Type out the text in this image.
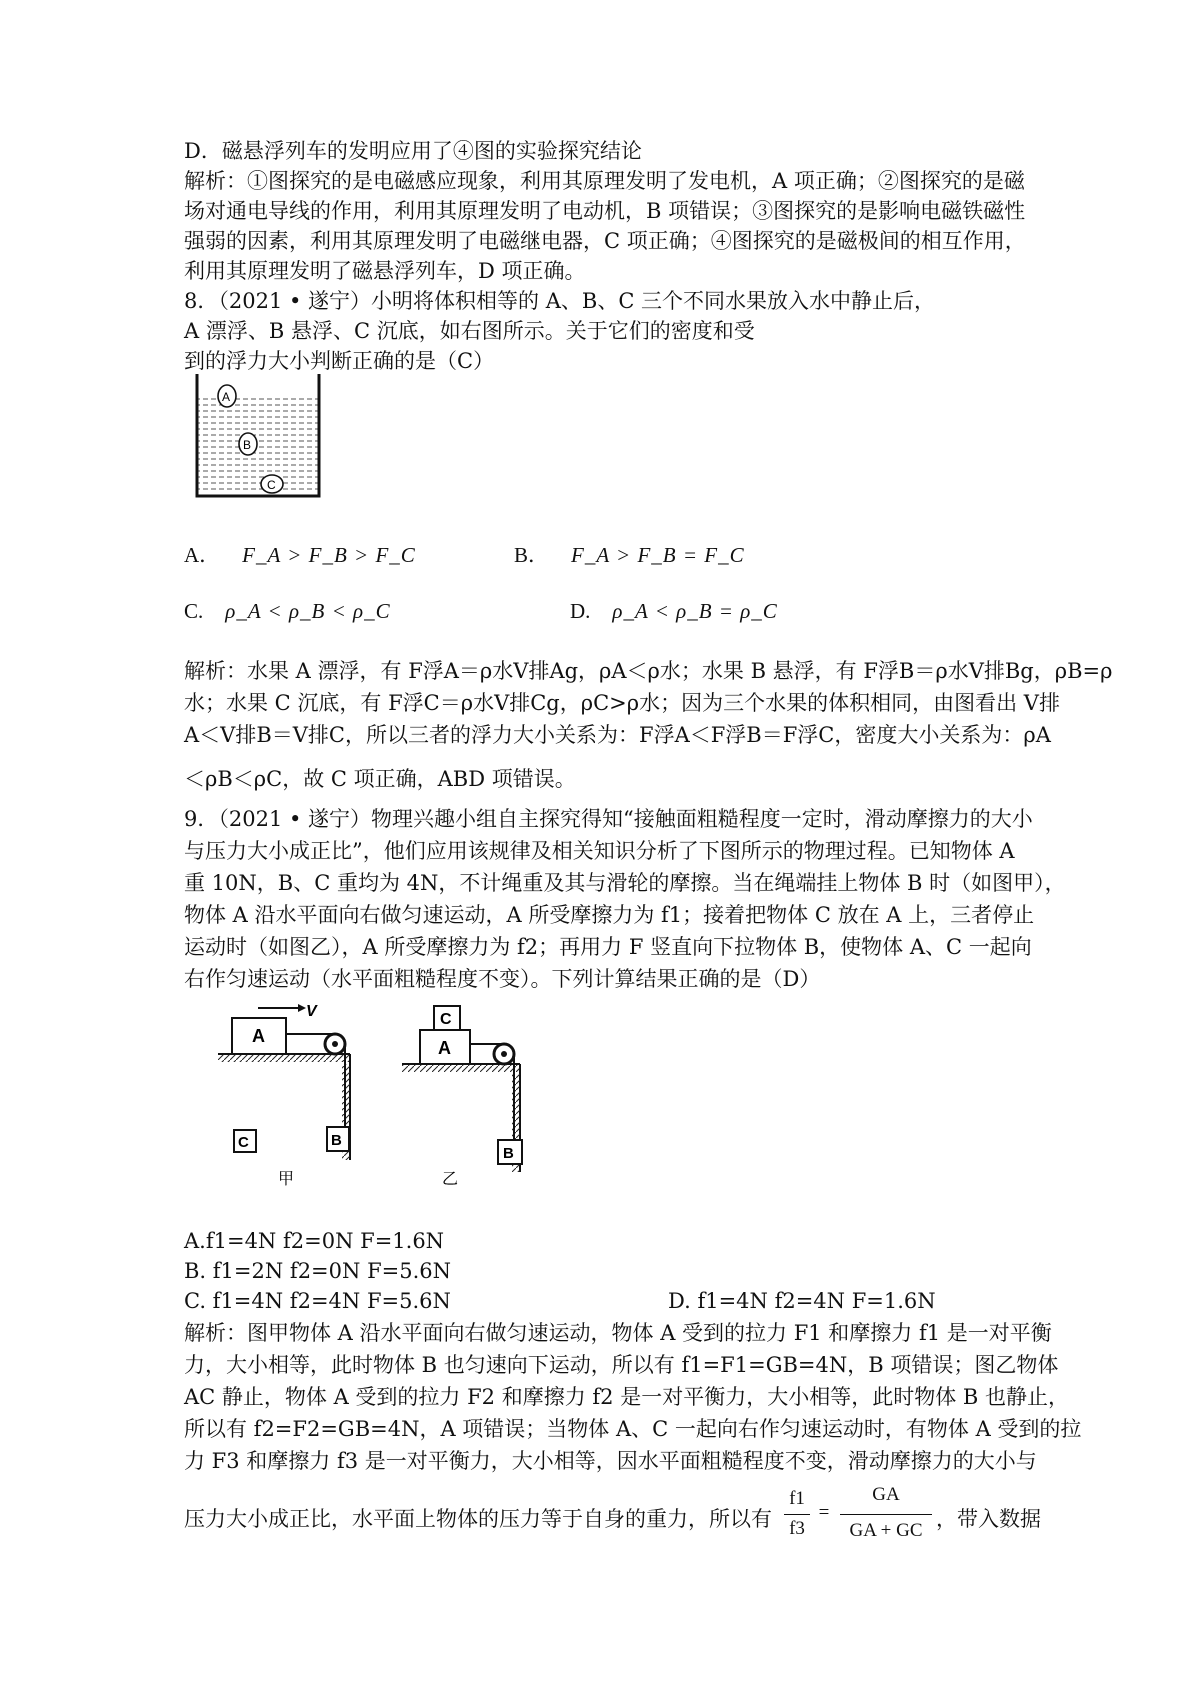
D．磁悬浮列车的发明应用了④图的实验探究结论
解析：①图探究的是电磁感应现象，利用其原理发明了发电机，A 项正确；②图探究的是磁
场对通电导线的作用，利用其原理发明了电动机，B 项错误；③图探究的是影响电磁铁磁性
强弱的因素，利用其原理发明了电磁继电器，C 项正确；④图探究的是磁极间的相互作用，
利用其原理发明了磁悬浮列车，D 项正确。
8．（2021 • 遂宁）小明将体积相等的 A、B、C 三个不同水果放入水中静止后，
A 漂浮、B 悬浮、C 沉底，如右图所示。关于它们的密度和受
到的浮力大小判断正确的是（C）
A
B
C
A． F_A > F_B > F_C	B． F_A > F_B = F_C
C. ρ_A < ρ_B < ρ_C	D. ρ_A < ρ_B = ρ_C
解析：水果 A 漂浮，有 F浮A＝ρ水V排Ag，ρA＜ρ水；水果 B 悬浮，有 F浮B＝ρ水V排Bg，ρB=ρ
水；水果 C 沉底，有 F浮C＝ρ水V排Cg，ρC>ρ水；因为三个水果的体积相同，由图看出 V排
A＜V排B＝V排C，所以三者的浮力大小关系为：F浮A＜F浮B＝F浮C，密度大小关系为：ρA
＜ρB＜ρC，故 C 项正确，ABD 项错误。
9．（2021 • 遂宁）物理兴趣小组自主探究得知“接触面粗糙程度一定时，滑动摩擦力的大小
与压力大小成正比”，他们应用该规律及相关知识分析了下图所示的物理过程。已知物体 A
重 10N，B、C 重均为 4N，不计绳重及其与滑轮的摩擦。当在绳端挂上物体 B 时（如图甲），
物体 A 沿水平面向右做匀速运动，A 所受摩擦力为 f1；接着把物体 C 放在 A 上，三者停止
运动时（如图乙），A 所受摩擦力为 f2；再用力 F 竖直向下拉物体 B，使物体 A、C 一起向
右作匀速运动（水平面粗糙程度不变）。下列计算结果正确的是（D）
A
V
B
C
甲
A
C
B
乙
A.f1=4N f2=0N F=1.6N
B. f1=2N f2=0N F=5.6N
C. f1=4N f2=4N F=5.6N	D. f1=4N f2=4N F=1.6N
解析：图甲物体 A 沿水平面向右做匀速运动，物体 A 受到的拉力 F1 和摩擦力 f1 是一对平衡
力，大小相等，此时物体 B 也匀速向下运动，所以有 f1=F1=GB=4N，B 项错误；图乙物体
AC 静止，物体 A 受到的拉力 F2 和摩擦力 f2 是一对平衡力，大小相等，此时物体 B 也静止，
所以有 f2=F2=GB=4N，A 项错误；当物体 A、C 一起向右作匀速运动时，有物体 A 受到的拉
力 F3 和摩擦力 f3 是一对平衡力，大小相等，因水平面粗糙程度不变，滑动摩擦力的大小与
压力大小成正比，水平面上物体的压力等于自身的重力，所以有
f1
f3
=
GA
GA + GC ，带入数据
